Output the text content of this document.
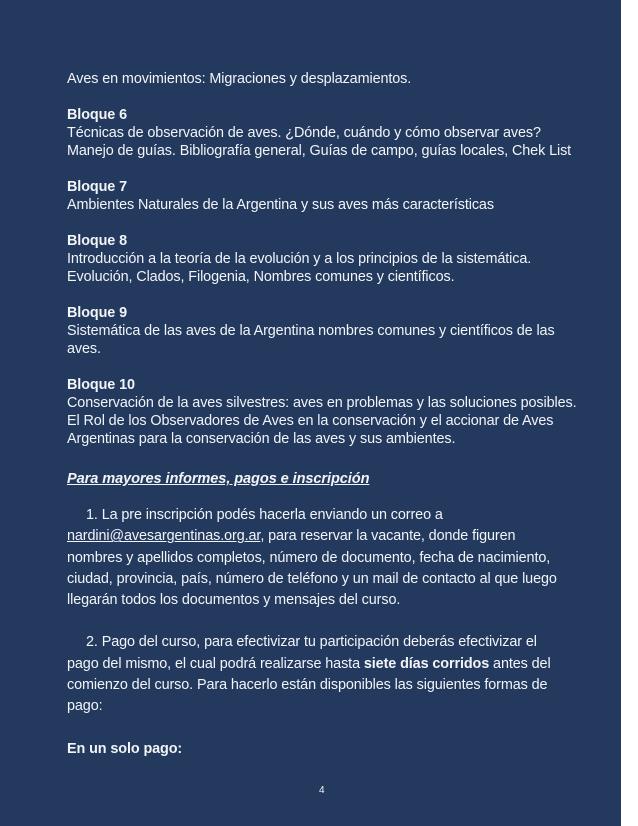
Aves en movimientos: Migraciones y desplazamientos.
Bloque 6
Técnicas de observación de aves. ¿Dónde, cuándo y cómo observar aves?
Manejo de guías. Bibliografía general, Guías de campo, guías locales, Chek List
Bloque 7
Ambientes Naturales de la Argentina y sus aves más características
Bloque 8
Introducción a la teoría de la evolución y a los principios de la sistemática.
Evolución, Clados, Filogenia, Nombres comunes y científicos.
Bloque 9
Sistemática de las aves de la Argentina nombres comunes y científicos de las
aves.
Bloque 10
Conservación de la aves silvestres: aves en problemas y las soluciones posibles.
El Rol de los Observadores de Aves en la conservación y el accionar de Aves
Argentinas para la conservación de las aves y sus ambientes.
Para mayores informes, pagos e inscripción
1. La pre inscripción podés hacerla enviando un correo a
nardini@avesargentinas.org.ar, para reservar la vacante, donde figuren
nombres y apellidos completos, número de documento, fecha de nacimiento,
ciudad, provincia, país, número de teléfono y un mail de contacto al que luego
llegarán todos los documentos y mensajes del curso.
2. Pago del curso, para efectivizar tu participación deberás efectivizar el
pago del mismo, el cual podrá realizarse hasta siete días corridos antes del
comienzo del curso. Para hacerlo están disponibles las siguientes formas de
pago:
En un solo pago:
4
